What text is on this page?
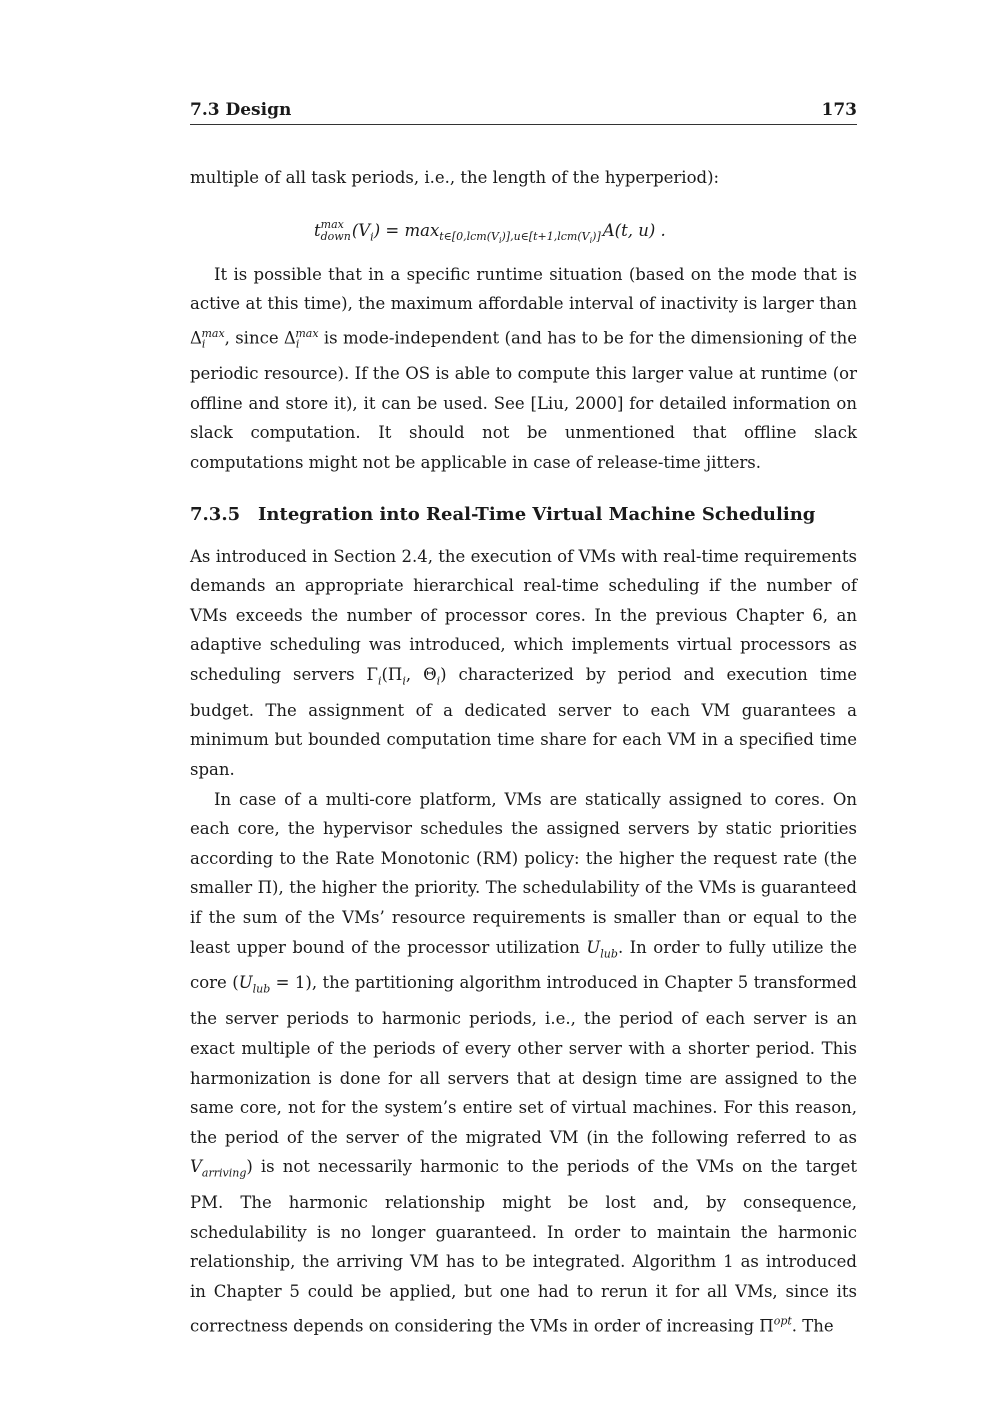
7.3 Design	173

multiple of all task periods, i.e., the length of the hyperperiod):

t max
down $(V_i) = \max_{t\in[0,lcm(V_i)],u\in[t+1,lcm(V_i)]} A(t$, u) .

It is possible that in a specific runtime situation (based on the mode that is active at this time), the maximum affordable interval of inactivity is larger than $\Delta_i^{max}$, since $\Delta_i^{max}$ is mode-independent (and has to be for the dimensioning of the periodic resource). If the OS is able to compute this larger value at runtime (or offline and store it), it can be used. See [Liu, 2000] for detailed information on slack computation. It should not be unmentioned that offline slack computations might not be applicable in case of release-time jitters.

7.3.5 Integration into Real-Time Virtual Machine Scheduling

As introduced in Section 2.4, the execution of VMs with real-time requirements demands an appropriate hierarchical real-time scheduling if the number of VMs exceeds the number of processor cores. In the previous Chapter 6, an adaptive scheduling was introduced, which implements virtual processors as scheduling servers $\Gamma_i(\Pi_i$, $\Theta_i$) characterized by period and execution time budget. The assignment of a dedicated server to each VM guarantees a minimum but bounded computation time share for each VM in a specified time span.

In case of a multi-core platform, VMs are statically assigned to cores. On each core, the hypervisor schedules the assigned servers by static priorities according to the Rate Monotonic (RM) policy: the higher the request rate (the smaller Π), the higher the priority. The schedulability of the VMs is guaranteed if the sum of the VMs’ resource requirements is smaller than or equal to the least upper bound of the processor utilization $U_{lub}$. In order to fully utilize the core $(U_{lub} = 1)$, the partitioning algorithm introduced in Chapter 5 transformed the server periods to harmonic periods, i.e., the period of each server is an exact multiple of the periods of every other server with a shorter period. This harmonization is done for all servers that at design time are assigned to the same core, not for the system’s entire set of virtual machines. For this reason, the period of the server of the migrated VM (in the following referred to as $V_{arriving}$) is not necessarily harmonic to the periods of the VMs on the target PM. The harmonic relationship might be lost and, by consequence, schedulability is no longer guaranteed. In order to maintain the harmonic relationship, the arriving VM has to be integrated. Algorithm 1 as introduced in Chapter 5 could be applied, but one had to rerun it for all VMs, since its correctness depends on considering the VMs in order of increasing $\Pi^{opt}$. The
